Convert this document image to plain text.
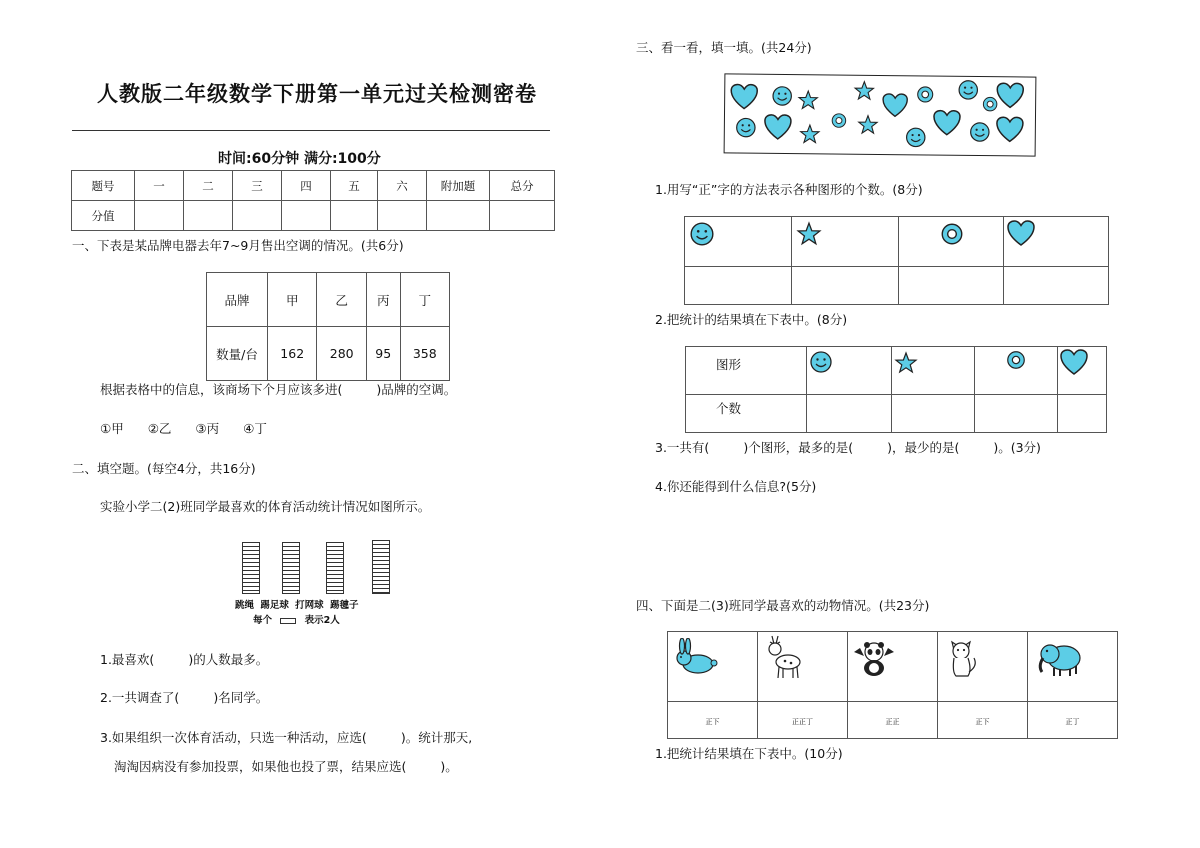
人教版二年级数学下册第一单元过关检测密卷
时间:60分钟 满分:100分
题号	一	二	三	四	五	六	附加题	总分
分值								
一、下表是某品牌电器去年7~9月售出空调的情况。(共6分)
品牌	甲	乙	丙	丁
数量/台	162	280	95	358
根据表格中的信息，该商场下个月应该多进(	)品牌的空调。
①甲 ②乙 ③丙 ④丁
二、填空题。(每空4分，共16分)
实验小学二(2)班同学最喜欢的体育活动统计情况如图所示。
跳绳 踢足球 打网球 踢毽子
每个	表示2人
1.最喜欢(	)的人数最多。
2.一共调查了(	)名同学。
3.如果组织一次体育活动，只选一种活动，应选(	)。统计那天,
淘淘因病没有参加投票，如果他也投了票，结果应选(	)。
三、看一看，填一填。(共24分)
1.用写“正”字的方法表示各种图形的个数。(8分)

2.把统计的结果填在下表中。(8分)
图形				
个数				
3.一共有(	)个图形，最多的是(	)，最少的是(	)。(3分)
4.你还能得到什么信息?(5分)
四、下面是二(3)班同学最喜欢的动物情况。(共23分)

正下	正正丁	正正	正下	正丁
1.把统计结果填在下表中。(10分)
